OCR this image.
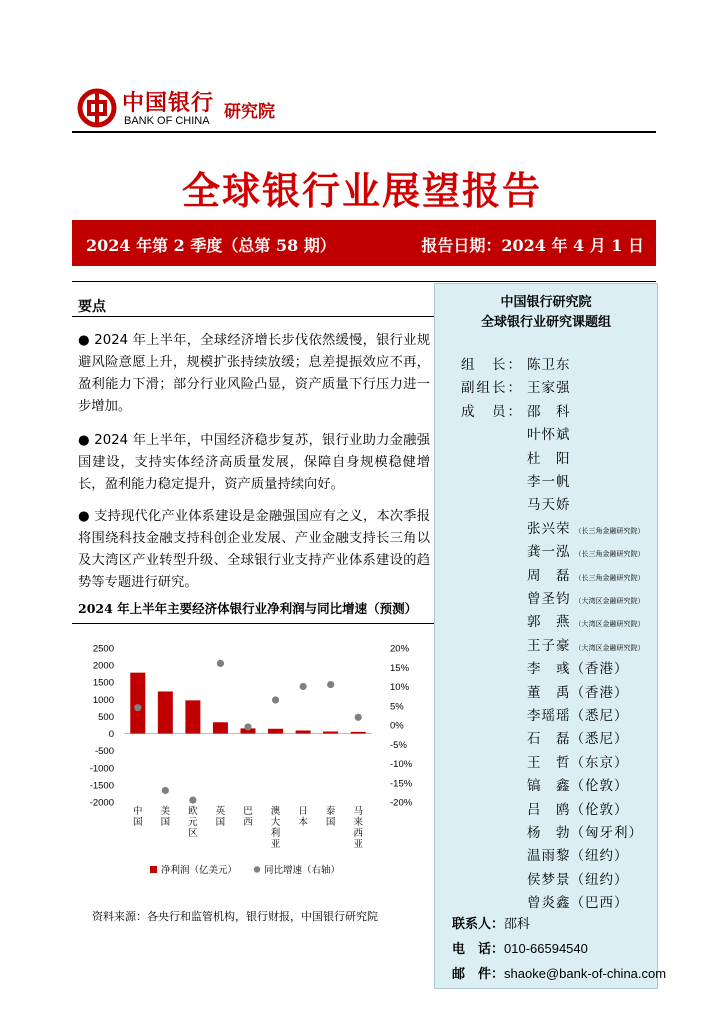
中国银行
BANK OF CHINA 研究院
全球银行业展望报告
2024 年第 2 季度（总第 58 期）	报告日期：2024 年 4 月 1 日
要点
● 2024 年上半年，全球经济增长步伐依然缓慢，银行业规避风险意愿上升，规模扩张持续放缓；息差提振效应不再，盈利能力下滑；部分行业风险凸显，资产质量下行压力进一步增加。
● 2024 年上半年，中国经济稳步复苏，银行业助力金融强国建设，支持实体经济高质量发展，保障自身规模稳健增长，盈利能力稳定提升，资产质量持续向好。
● 支持现代化产业体系建设是金融强国应有之义，本次季报将围绕科技金融支持科创企业发展、产业金融支持长三角以及大湾区产业转型升级、全球银行业支持产业体系建设的趋势等专题进行研究。
2024 年上半年主要经济体银行业净利润与同比增速（预测）
2500
2000
1500
1000
500
0
-500
-1000
-1500
-2000
20%
15%
10%
5%
0%
-5%
-10%
-15%
-20%
中
国
美
国
欧
元
区
英
国
巴
西
澳
大
利
亚
日
本
泰
国
马
来
西
亚
净利润（亿美元）	同比增速（右轴）
资料来源：各央行和监管机构，银行财报，中国银行研究院
中国银行研究院
全球银行业研究课题组
组　长： 陈卫东
副组长： 王家强
成　员： 邵　科
叶怀斌
杜　阳
李一帆
马天娇
张兴荣 （长三角金融研究院）
龚一泓 （长三角金融研究院）
周　磊 （长三角金融研究院）
曾圣钧 （大湾区金融研究院）
郭　燕 （大湾区金融研究院）
王子豪 （大湾区金融研究院）
李　彧（香港）
董　禹（香港）
李瑶瑶（悉尼）
石　磊（悉尼）
王　哲（东京）
镐　鑫（伦敦）
吕　鸥（伦敦）
杨　勃（匈牙利）
温雨黎（纽约）
侯梦景（纽约）
曾炎鑫（巴西）
联系人：邵科
电　话：010-66594540
邮　件：shaoke@bank-of-china.com
